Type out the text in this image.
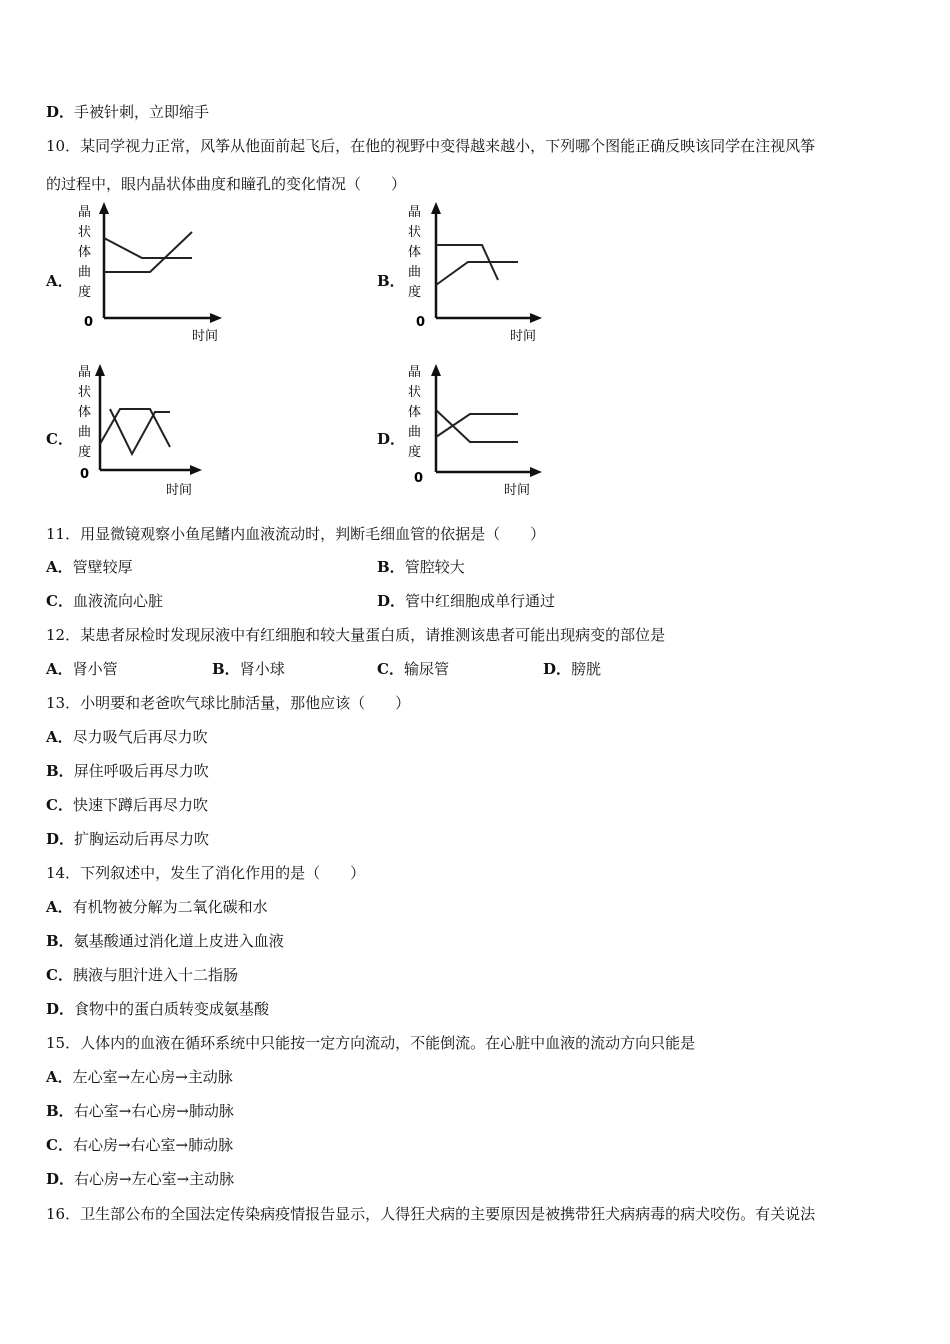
D．手被针刺，立即缩手
10．某同学视力正常，风筝从他面前起飞后，在他的视野中变得越来越小，下列哪个图能正确反映该同学在注视风筝
的过程中，眼内晶状体曲度和瞳孔的变化情况（　　）
A．
晶
状
体
曲
度
0
时间
B．
晶
状
体
曲
度
0
时间
C．
晶
状
体
曲
度
0
时间
D．
晶
状
体
曲
度
0
时间
11．用显微镜观察小鱼尾鳍内血液流动时，判断毛细血管的依据是（　　）
A．管壁较厚	B．管腔较大
C．血液流向心脏	D．管中红细胞成单行通过
12．某患者尿检时发现尿液中有红细胞和较大量蛋白质，请推测该患者可能出现病变的部位是
A．肾小管	B．肾小球	C．输尿管	D．膀胱
13．小明要和老爸吹气球比肺活量，那他应该（　　）
A．尽力吸气后再尽力吹
B．屏住呼吸后再尽力吹
C．快速下蹲后再尽力吹
D．扩胸运动后再尽力吹
14．下列叙述中，发生了消化作用的是（　　）
A．有机物被分解为二氧化碳和水
B．氨基酸通过消化道上皮进入血液
C．胰液与胆汁进入十二指肠
D．食物中的蛋白质转变成氨基酸
15．人体内的血液在循环系统中只能按一定方向流动，不能倒流。在心脏中血液的流动方向只能是
A．左心室→左心房→主动脉
B．右心室→右心房→肺动脉
C．右心房→右心室→肺动脉
D．右心房→左心室→主动脉
16．卫生部公布的全国法定传染病疫情报告显示，人得狂犬病的主要原因是被携带狂犬病病毒的病犬咬伤。有关说法
